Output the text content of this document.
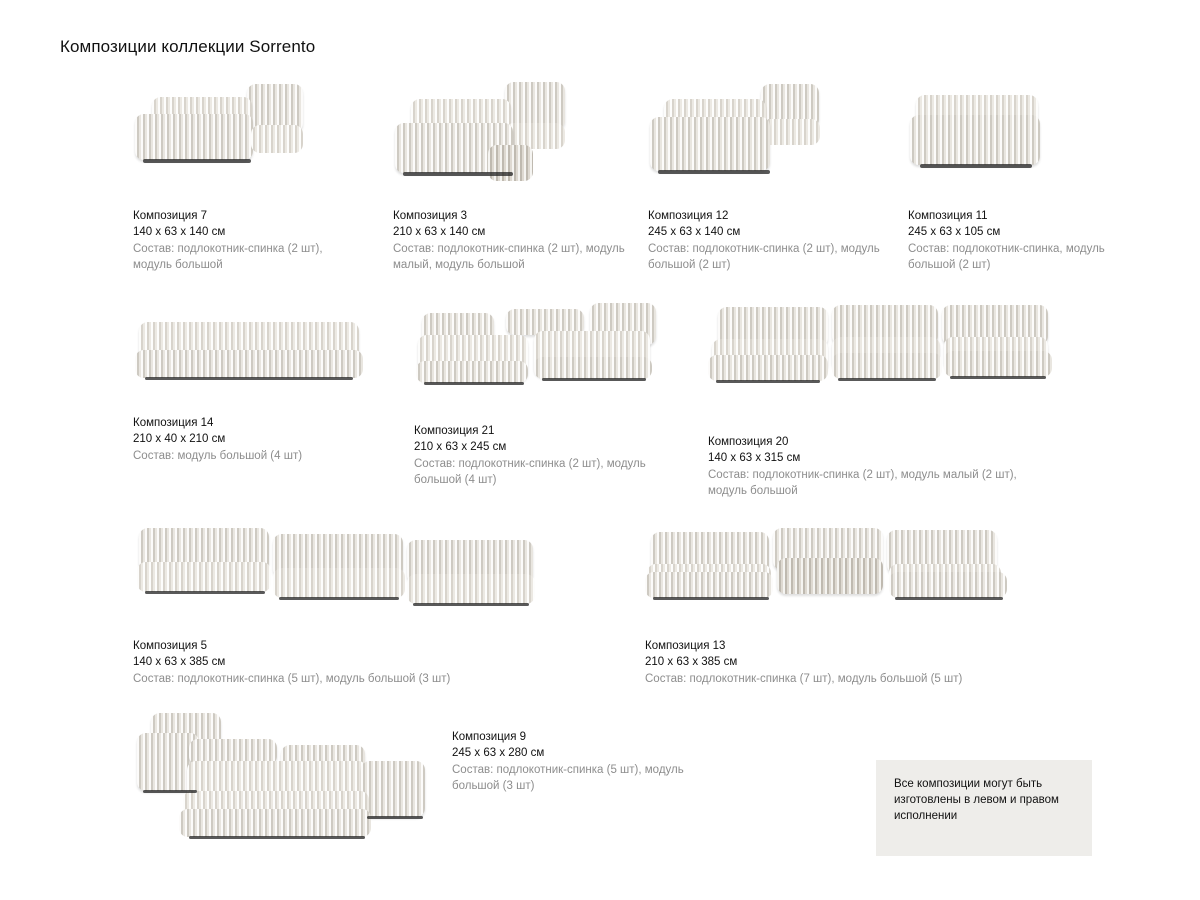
Композиции коллекции Sorrento
Композиция 7
140 x 63 x 140 см
Состав: подлокотник-спинка (2 шт), модуль большой
Композиция 3
210 x 63 x 140 см
Состав: подлокотник-спинка (2 шт), модуль малый, модуль большой
Композиция 12
245 x 63 x 140 см
Состав: подлокотник-спинка (2 шт), модуль большой (2 шт)
Композиция 11
245 x 63 x 105 см
Состав: подлокотник-спинка, модуль большой (2 шт)
Композиция 14
210 x 40 x 210 см
Состав: модуль большой (4 шт)
Композиция 21
210 x 63 x 245 см
Состав: подлокотник-спинка (2 шт), модуль большой (4 шт)
Композиция 20
140 x 63 x 315 см
Состав: подлокотник-спинка (2 шт), модуль малый (2 шт), модуль большой
Композиция 5
140 x 63 x 385 см
Состав: подлокотник-спинка (5 шт), модуль большой (3 шт)
Композиция 13
210 x 63 x 385 см
Состав: подлокотник-спинка (7 шт), модуль большой (5 шт)
Композиция 9
245 x 63 x 280 см
Состав: подлокотник-спинка (5 шт), модуль большой (3 шт)	Все композиции могут быть изготовлены в левом и правом исполнении
